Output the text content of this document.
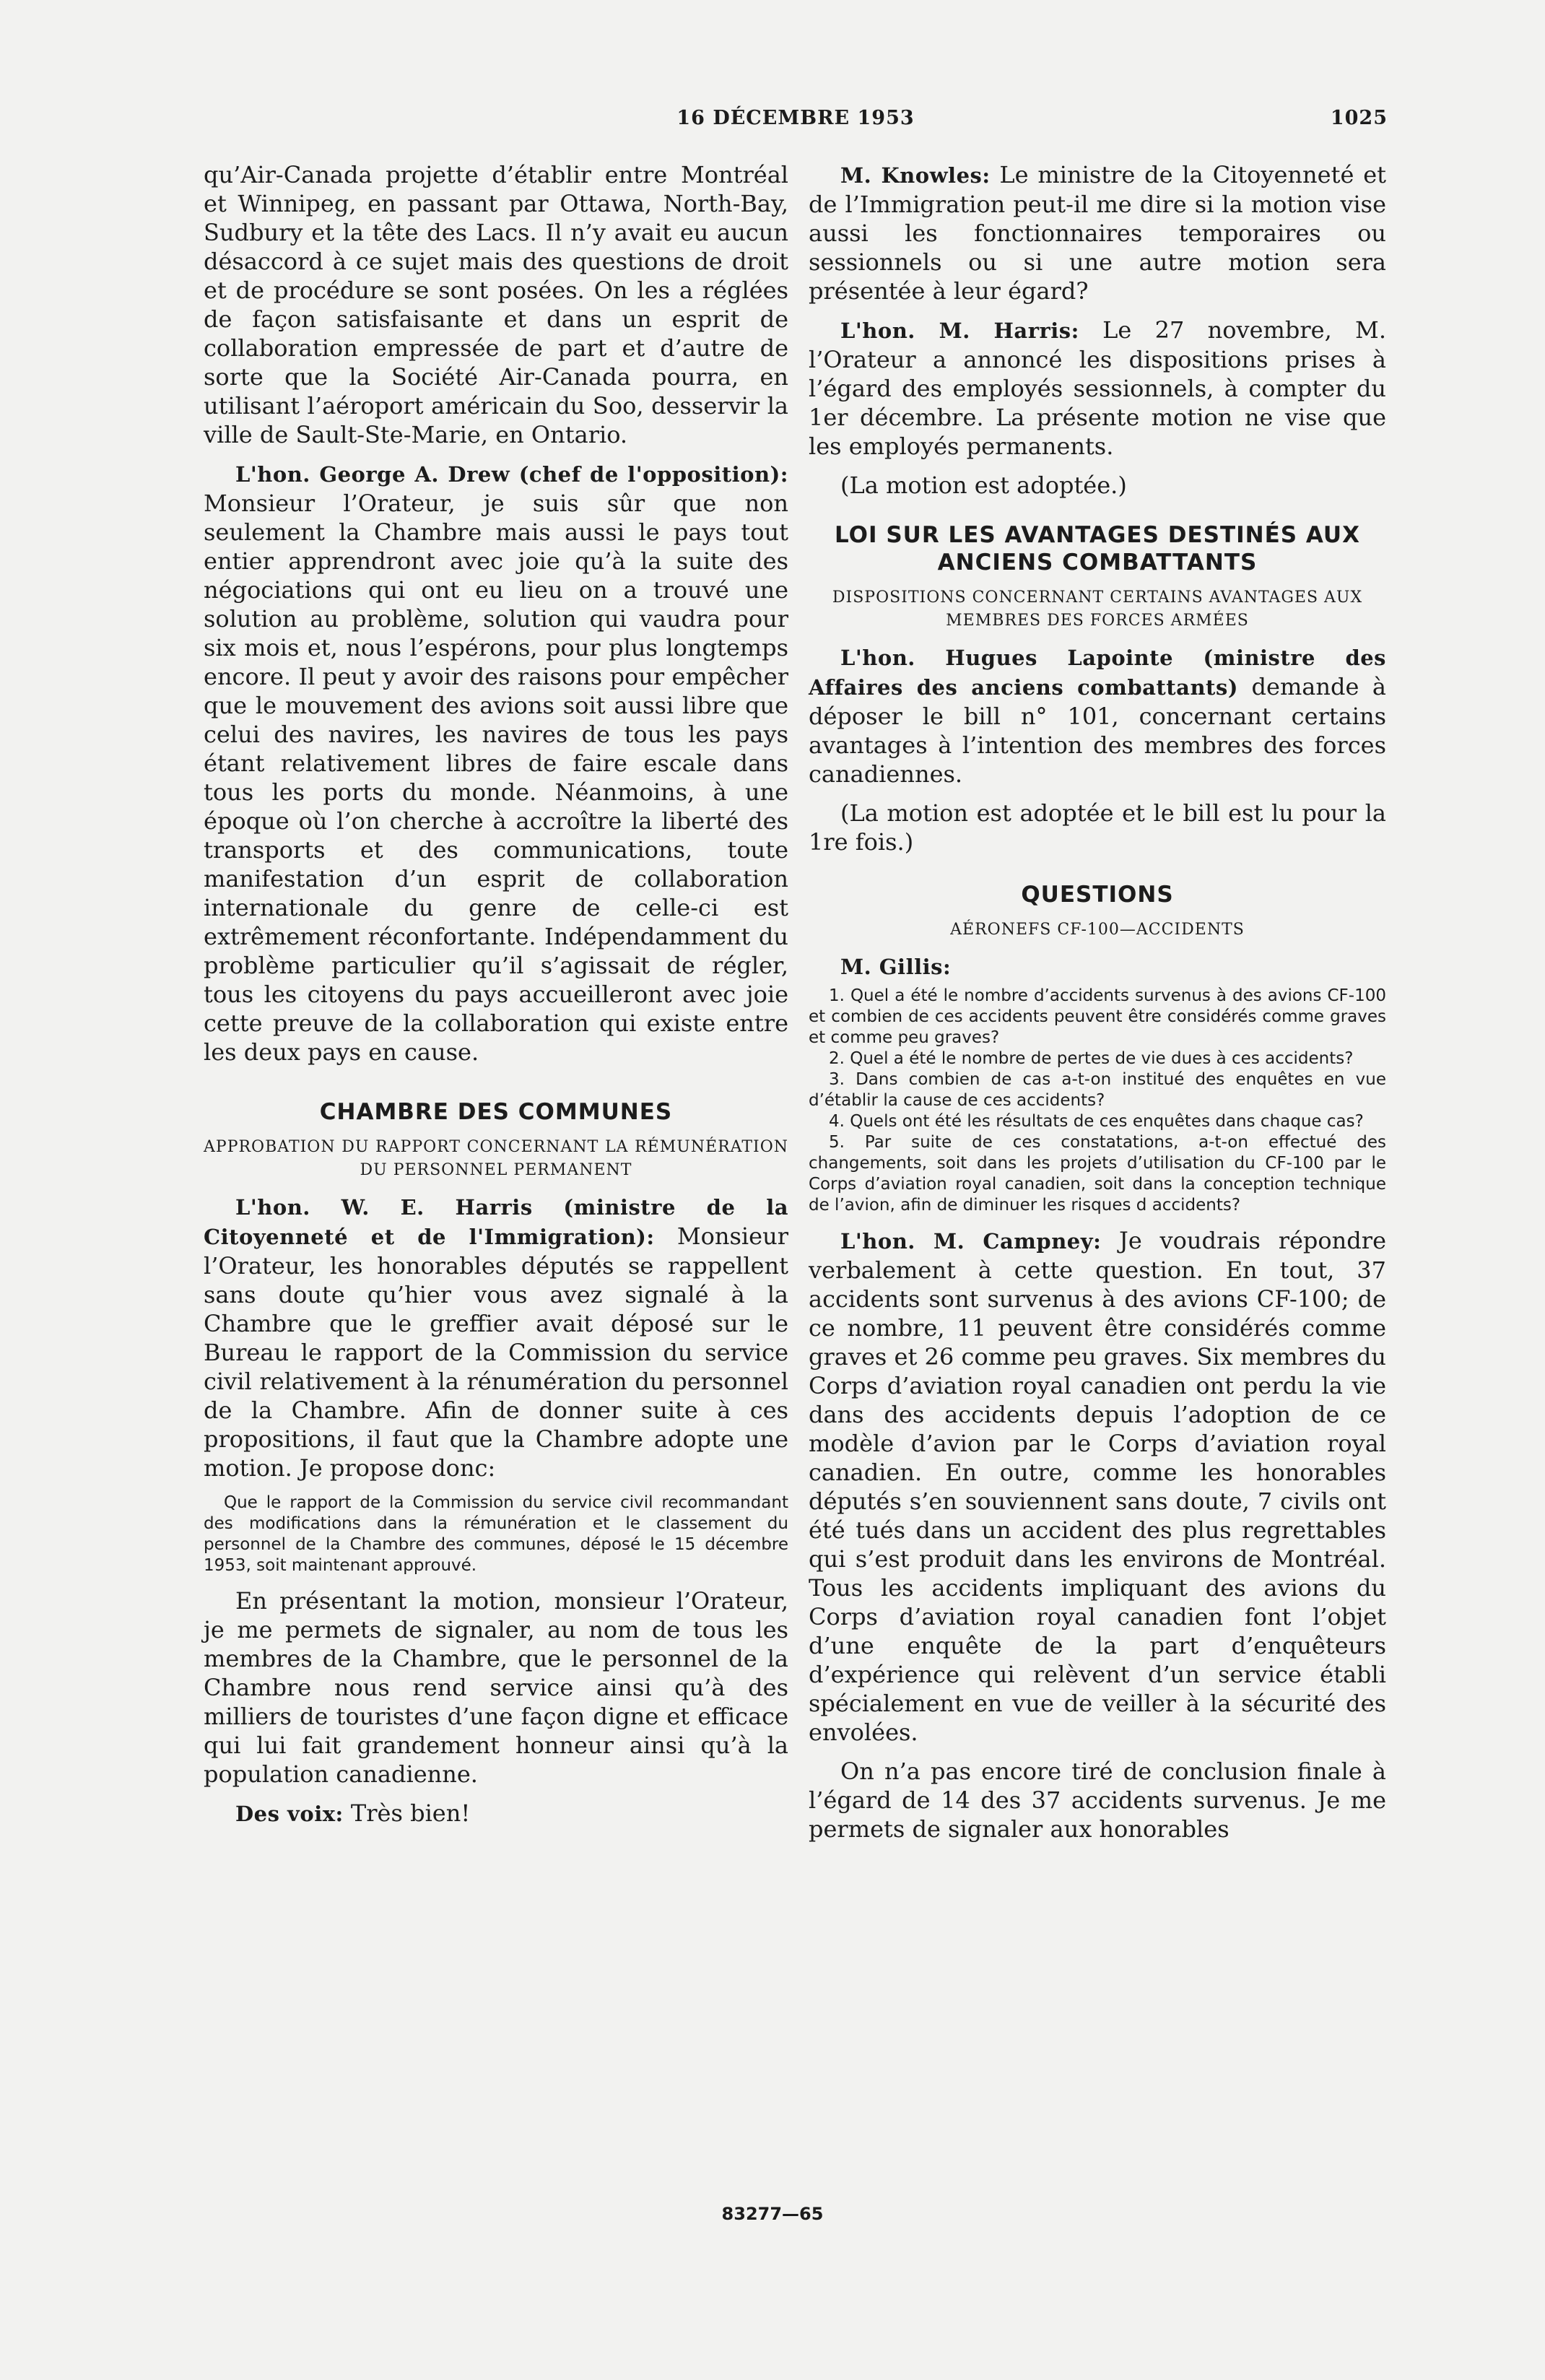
16 DÉCEMBRE 1953	1025

qu’Air-Canada projette d’établir entre Montréal et Winnipeg, en passant par Ottawa, North-Bay, Sudbury et la tête des Lacs. Il n’y avait eu aucun désaccord à ce sujet mais des questions de droit et de procédure se sont posées. On les a réglées de façon satisfaisante et dans un esprit de collaboration empressée de part et d’autre de sorte que la Société Air-Canada pourra, en utilisant l’aéroport américain du Soo, desservir la ville de Sault-Ste-Marie, en Ontario.

L'hon. George A. Drew (chef de l'opposition): Monsieur l’Orateur, je suis sûr que non seulement la Chambre mais aussi le pays tout entier apprendront avec joie qu’à la suite des négociations qui ont eu lieu on a trouvé une solution au problème, solution qui vaudra pour six mois et, nous l’espérons, pour plus longtemps encore. Il peut y avoir des raisons pour empêcher que le mouvement des avions soit aussi libre que celui des navires, les navires de tous les pays étant relativement libres de faire escale dans tous les ports du monde. Néanmoins, à une époque où l’on cherche à accroître la liberté des transports et des communications, toute manifestation d’un esprit de collaboration internationale du genre de celle-ci est extrêmement réconfortante. Indépendamment du problème particulier qu’il s’agissait de régler, tous les citoyens du pays accueilleront avec joie cette preuve de la collaboration qui existe entre les deux pays en cause.

CHAMBRE DES COMMUNES
APPROBATION DU RAPPORT CONCERNANT LA RÉMUNÉRATION DU PERSONNEL PERMANENT

L'hon. W. E. Harris (ministre de la Citoyenneté et de l'Immigration): Monsieur l’Orateur, les honorables députés se rappellent sans doute qu’hier vous avez signalé à la Chambre que le greffier avait déposé sur le Bureau le rapport de la Commission du service civil relativement à la rénumération du personnel de la Chambre. Afin de donner suite à ces propositions, il faut que la Chambre adopte une motion. Je propose donc:

Que le rapport de la Commission du service civil recommandant des modifications dans la rémunération et le classement du personnel de la Chambre des communes, déposé le 15 décembre 1953, soit maintenant approuvé.

En présentant la motion, monsieur l’Orateur, je me permets de signaler, au nom de tous les membres de la Chambre, que le personnel de la Chambre nous rend service ainsi qu’à des milliers de touristes d’une façon digne et efficace qui lui fait grandement honneur ainsi qu’à la population canadienne.

Des voix: Très bien!

M. Knowles: Le ministre de la Citoyenneté et de l’Immigration peut-il me dire si la motion vise aussi les fonctionnaires temporaires ou sessionnels ou si une autre motion sera présentée à leur égard?

L'hon. M. Harris: Le 27 novembre, M. l’Orateur a annoncé les dispositions prises à l’égard des employés sessionnels, à compter du 1er décembre. La présente motion ne vise que les employés permanents.

(La motion est adoptée.)

LOI SUR LES AVANTAGES DESTINÉS AUX ANCIENS COMBATTANTS
DISPOSITIONS CONCERNANT CERTAINS AVANTAGES AUX MEMBRES DES FORCES ARMÉES

L'hon. Hugues Lapointe (ministre des Affaires des anciens combattants) demande à déposer le bill n° 101, concernant certains avantages à l’intention des membres des forces canadiennes.

(La motion est adoptée et le bill est lu pour la 1re fois.)

QUESTIONS
AÉRONEFS CF-100—ACCIDENTS

M. Gillis:

1. Quel a été le nombre d’accidents survenus à des avions CF-100 et combien de ces accidents peuvent être considérés comme graves et comme peu graves?

2. Quel a été le nombre de pertes de vie dues à ces accidents?

3. Dans combien de cas a-t-on institué des enquêtes en vue d’établir la cause de ces accidents?

4. Quels ont été les résultats de ces enquêtes dans chaque cas?

5. Par suite de ces constatations, a-t-on effectué des changements, soit dans les projets d’utilisation du CF-100 par le Corps d’aviation royal canadien, soit dans la conception technique de l’avion, afin de diminuer les risques d accidents?

L'hon. M. Campney: Je voudrais répondre verbalement à cette question. En tout, 37 accidents sont survenus à des avions CF-100; de ce nombre, 11 peuvent être considérés comme graves et 26 comme peu graves. Six membres du Corps d’aviation royal canadien ont perdu la vie dans des accidents depuis l’adoption de ce modèle d’avion par le Corps d’aviation royal canadien. En outre, comme les honorables députés s’en souviennent sans doute, 7 civils ont été tués dans un accident des plus regrettables qui s’est produit dans les environs de Montréal. Tous les accidents impliquant des avions du Corps d’aviation royal canadien font l’objet d’une enquête de la part d’enquêteurs d’expérience qui relèvent d’un service établi spécialement en vue de veiller à la sécurité des envolées.

On n’a pas encore tiré de conclusion finale à l’égard de 14 des 37 accidents survenus. Je me permets de signaler aux honorables

83277—65
